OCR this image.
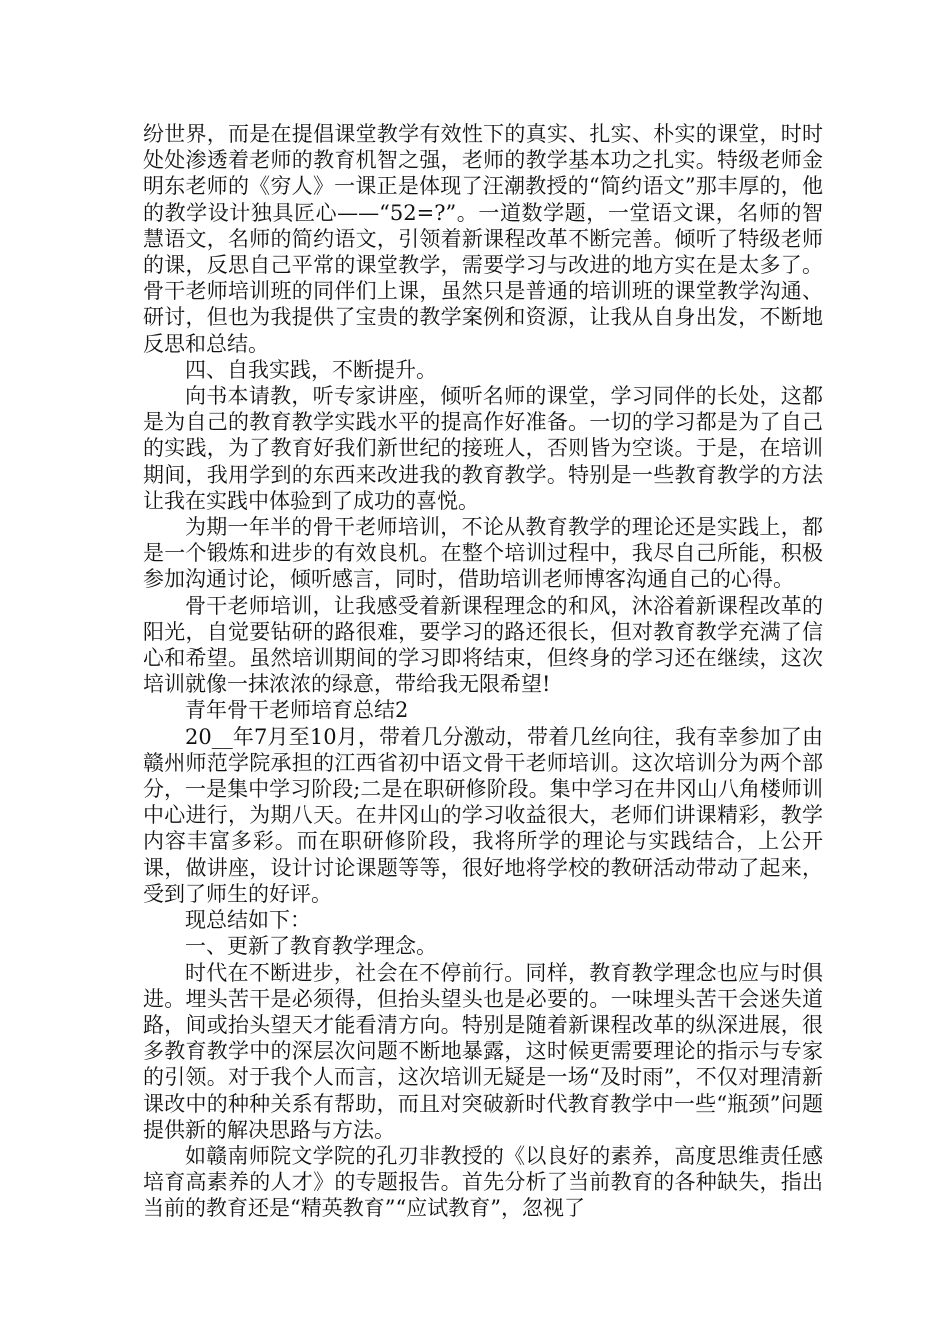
纷世界，而是在提倡课堂教学有效性下的真实、扎实、朴实的课堂，时时处处渗透着老师的教育机智之强，老师的教学基本功之扎实。特级老师金明东老师的《穷人》一课正是体现了汪潮教授的“简约语文”那丰厚的，他的教学设计独具匠心——“52=?”。一道数学题，一堂语文课，名师的智慧语文，名师的简约语文，引领着新课程改革不断完善。倾听了特级老师的课，反思自己平常的课堂教学，需要学习与改进的地方实在是太多了。骨干老师培训班的同伴们上课，虽然只是普通的培训班的课堂教学沟通、研讨，但也为我提供了宝贵的教学案例和资源，让我从自身出发，不断地反思和总结。

四、自我实践，不断提升。

向书本请教，听专家讲座，倾听名师的课堂，学习同伴的长处，这都是为自己的教育教学实践水平的提高作好准备。一切的学习都是为了自己的实践，为了教育好我们新世纪的接班人，否则皆为空谈。于是，在培训期间，我用学到的东西来改进我的教育教学。特别是一些教育教学的方法让我在实践中体验到了成功的喜悦。

为期一年半的骨干老师培训，不论从教育教学的理论还是实践上，都是一个锻炼和进步的有效良机。在整个培训过程中，我尽自己所能，积极参加沟通讨论，倾听感言，同时，借助培训老师博客沟通自己的心得。

骨干老师培训，让我感受着新课程理念的和风，沐浴着新课程改革的阳光，自觉要钻研的路很难，要学习的路还很长，但对教育教学充满了信心和希望。虽然培训期间的学习即将结束，但终身的学习还在继续，这次培训就像一抹浓浓的绿意，带给我无限希望!

青年骨干老师培育总结2

20__年7月至10月，带着几分激动，带着几丝向往，我有幸参加了由赣州师范学院承担的江西省初中语文骨干老师培训。这次培训分为两个部分，一是集中学习阶段;二是在职研修阶段。集中学习在井冈山八角楼师训中心进行，为期八天。在井冈山的学习收益很大，老师们讲课精彩，教学内容丰富多彩。而在职研修阶段，我将所学的理论与实践结合，上公开课，做讲座，设计讨论课题等等，很好地将学校的教研活动带动了起来，受到了师生的好评。

现总结如下：

一、更新了教育教学理念。

时代在不断进步，社会在不停前行。同样，教育教学理念也应与时俱进。埋头苦干是必须得，但抬头望头也是必要的。一味埋头苦干会迷失道路，间或抬头望天才能看清方向。特别是随着新课程改革的纵深进展，很多教育教学中的深层次问题不断地暴露，这时候更需要理论的指示与专家的引领。对于我个人而言，这次培训无疑是一场“及时雨”，不仅对理清新课改中的种种关系有帮助，而且对突破新时代教育教学中一些“瓶颈”问题提供新的解决思路与方法。

如赣南师院文学院的孔刃非教授的《以良好的素养，高度思维责任感培育高素养的人才》的专题报告。首先分析了当前教育的各种缺失，指出当前的教育还是“精英教育”“应试教育”，忽视了
